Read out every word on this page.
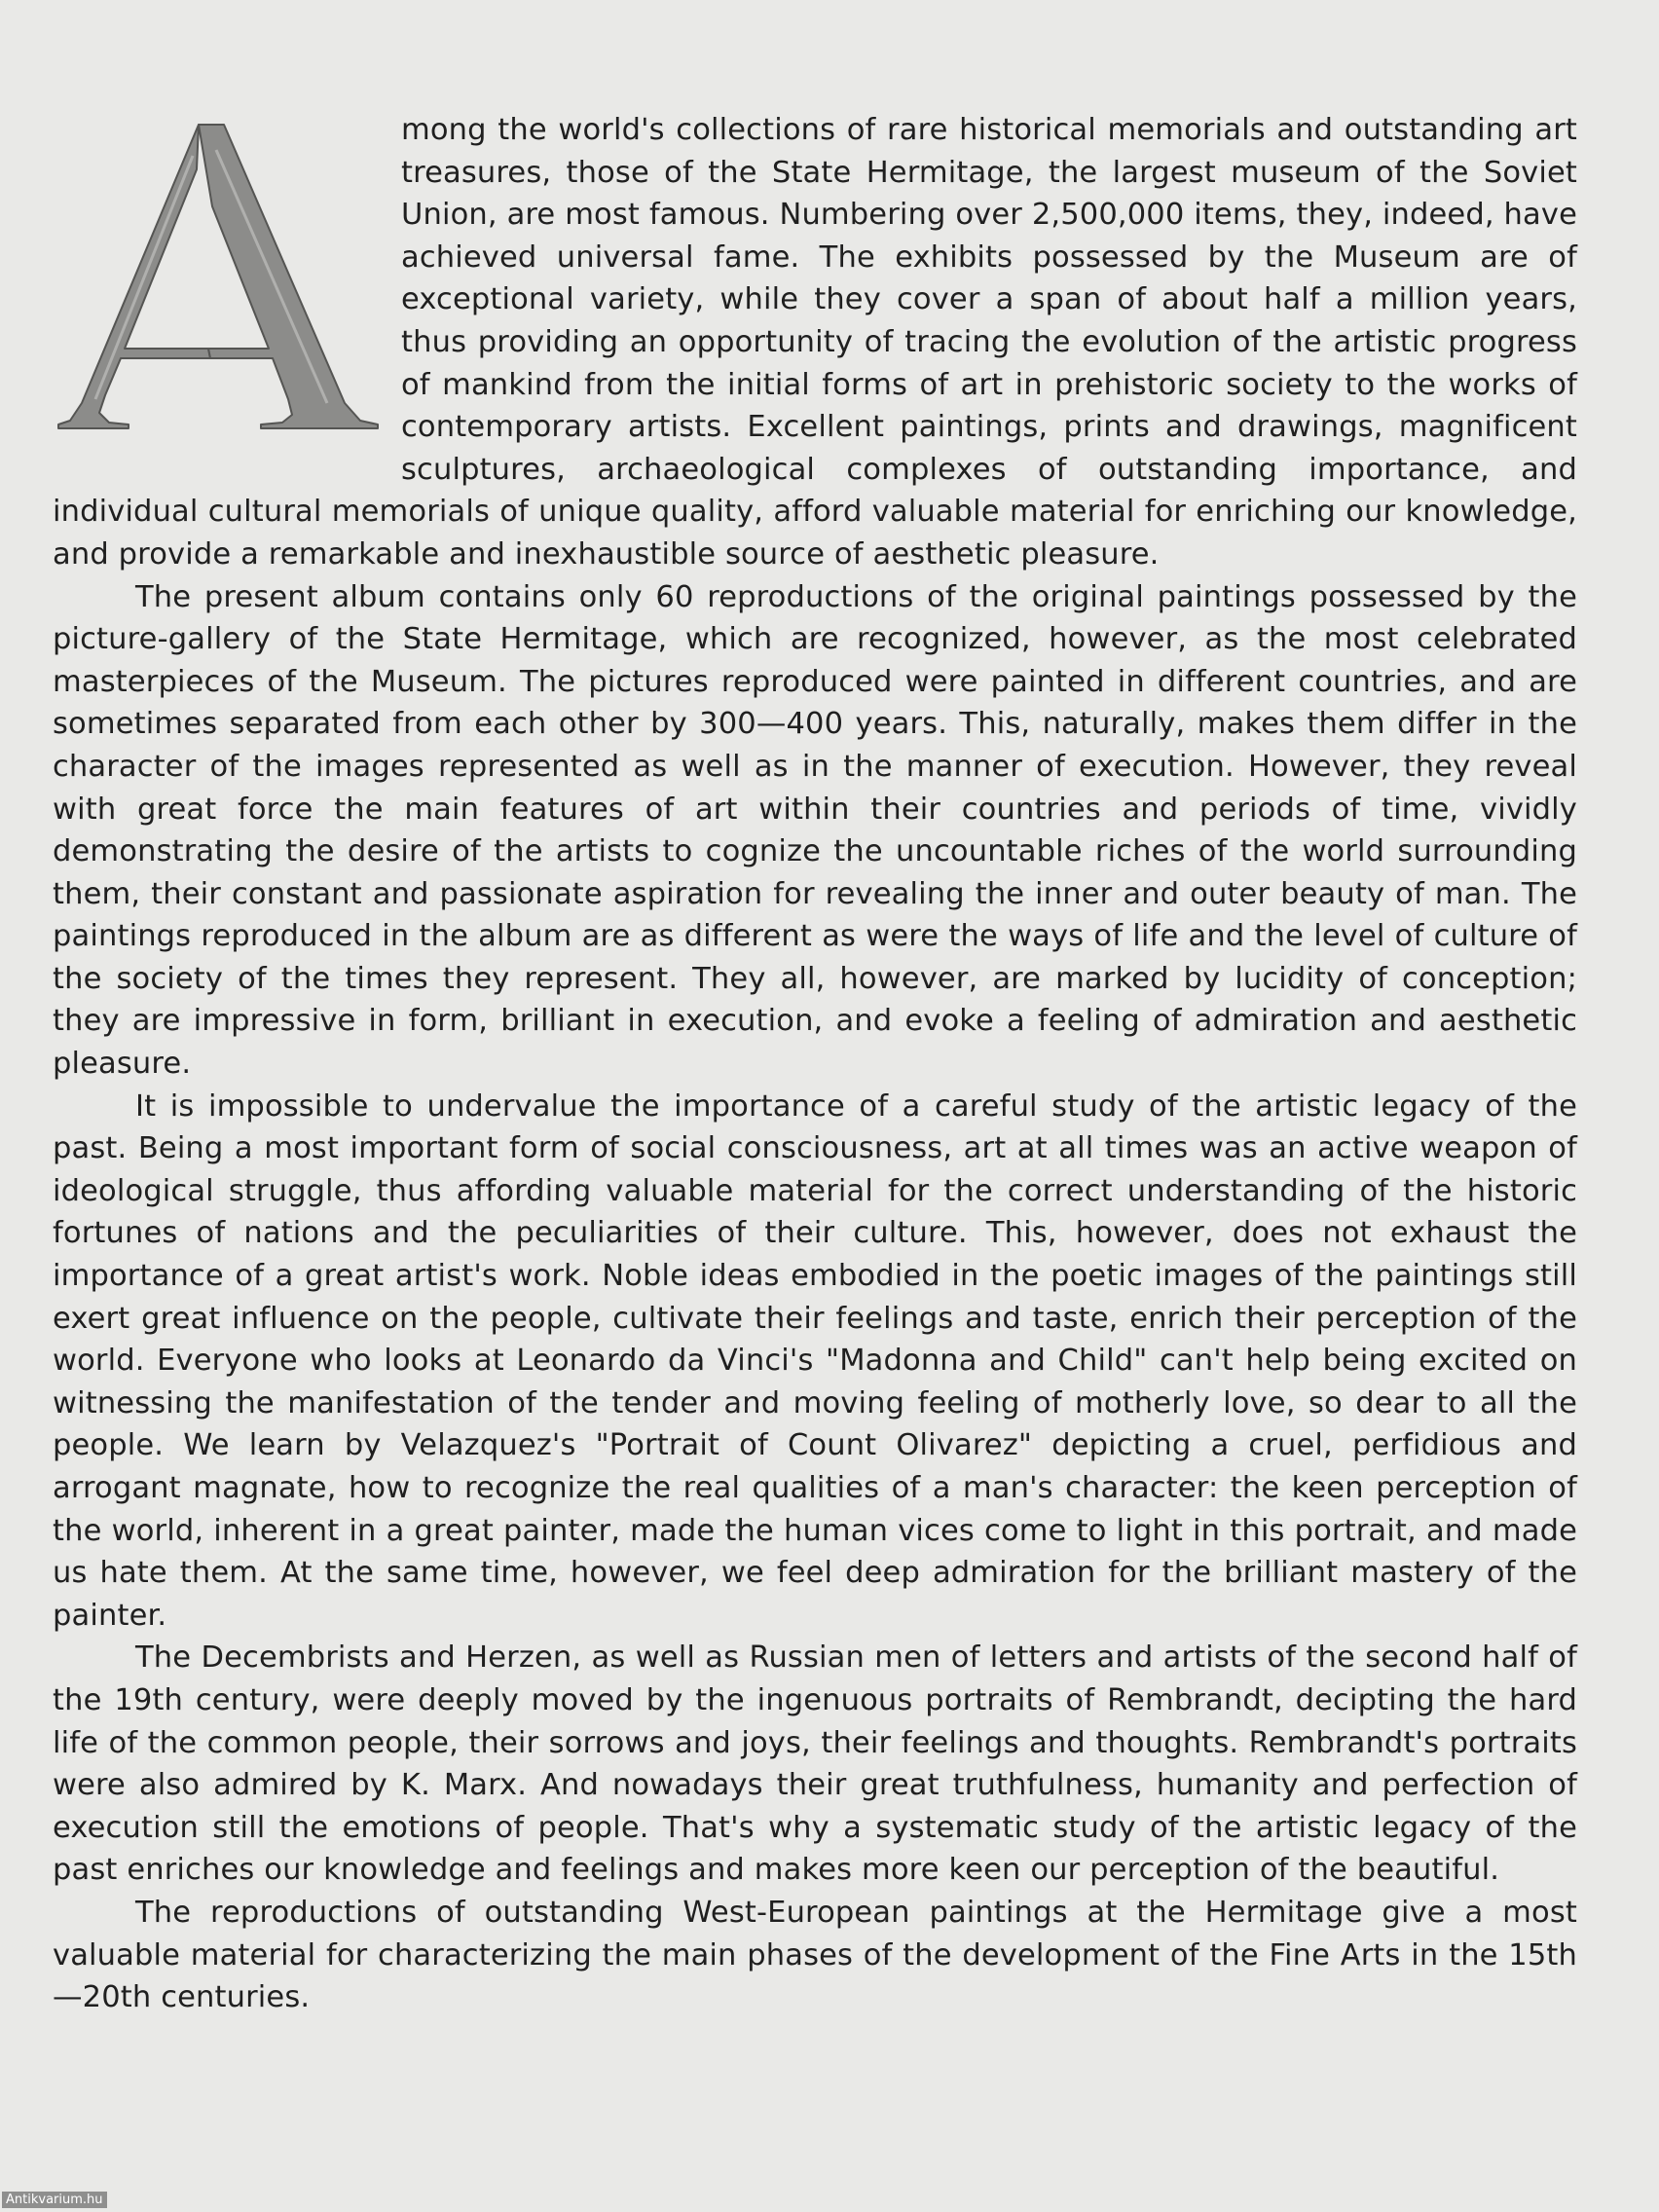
mong the world's collections of rare historical memorials and outstanding art treasures, those of the State Hermitage, the largest museum of the Soviet Union, are most famous. Numbering over 2,500,000 items, they, indeed, have achieved universal fame. The exhibits possessed by the Museum are of exceptional variety, while they cover a span of about half a million years, thus providing an opportunity of tracing the evolution of the artistic progress of mankind from the initial forms of art in prehistoric society to the works of contemporary artists. Excellent paintings, prints and drawings, magnificent sculptures, archaeological complexes of outstanding importance, and individual cultural memorials of unique quality, afford valuable material for enriching our knowledge, and provide a remarkable and inexhaustible source of aesthetic pleasure.

The present album contains only 60 reproductions of the original paintings possessed by the picture-gallery of the State Hermitage, which are recognized, however, as the most celebrated masterpieces of the Museum. The pictures reproduced were painted in different countries, and are sometimes separated from each other by 300—400 years. This, naturally, makes them differ in the character of the images represented as well as in the manner of execution. However, they reveal with great force the main features of art within their countries and periods of time, vividly demonstrating the desire of the artists to cognize the uncountable riches of the world surrounding them, their constant and passionate aspiration for revealing the inner and outer beauty of man. The paintings reproduced in the album are as different as were the ways of life and the level of culture of the society of the times they represent. They all, however, are marked by lucidity of conception; they are impressive in form, brilliant in execution, and evoke a feeling of admiration and aesthetic pleasure.

It is impossible to undervalue the importance of a careful study of the artistic legacy of the past. Being a most important form of social consciousness, art at all times was an active weapon of ideological struggle, thus affording valuable material for the correct understanding of the historic fortunes of nations and the peculiarities of their culture. This, however, does not exhaust the importance of a great artist's work. Noble ideas embodied in the poetic images of the paintings still exert great influence on the people, cultivate their feelings and taste, enrich their perception of the world. Everyone who looks at Leonardo da Vinci's "Madonna and Child" can't help being excited on witnessing the manifestation of the tender and moving feeling of motherly love, so dear to all the people. We learn by Velazquez's "Portrait of Count Olivarez" depicting a cruel, perfidious and arrogant magnate, how to recognize the real qualities of a man's character: the keen perception of the world, inherent in a great painter, made the human vices come to light in this portrait, and made us hate them. At the same time, however, we feel deep admiration for the brilliant mastery of the painter.

The Decembrists and Herzen, as well as Russian men of letters and artists of the second half of the 19th century, were deeply moved by the ingenuous portraits of Rembrandt, decipting the hard life of the common people, their sorrows and joys, their feelings and thoughts. Rembrandt's portraits were also admired by K. Marx. And nowadays their great truthfulness, humanity and perfection of execution still the emotions of people. That's why a systematic study of the artistic legacy of the past enriches our knowledge and feelings and makes more keen our perception of the beautiful.

The reproductions of outstanding West-European paintings at the Hermitage give a most valuable material for characterizing the main phases of the development of the Fine Arts in the 15th—20th centuries.

Antikvarium.hu
